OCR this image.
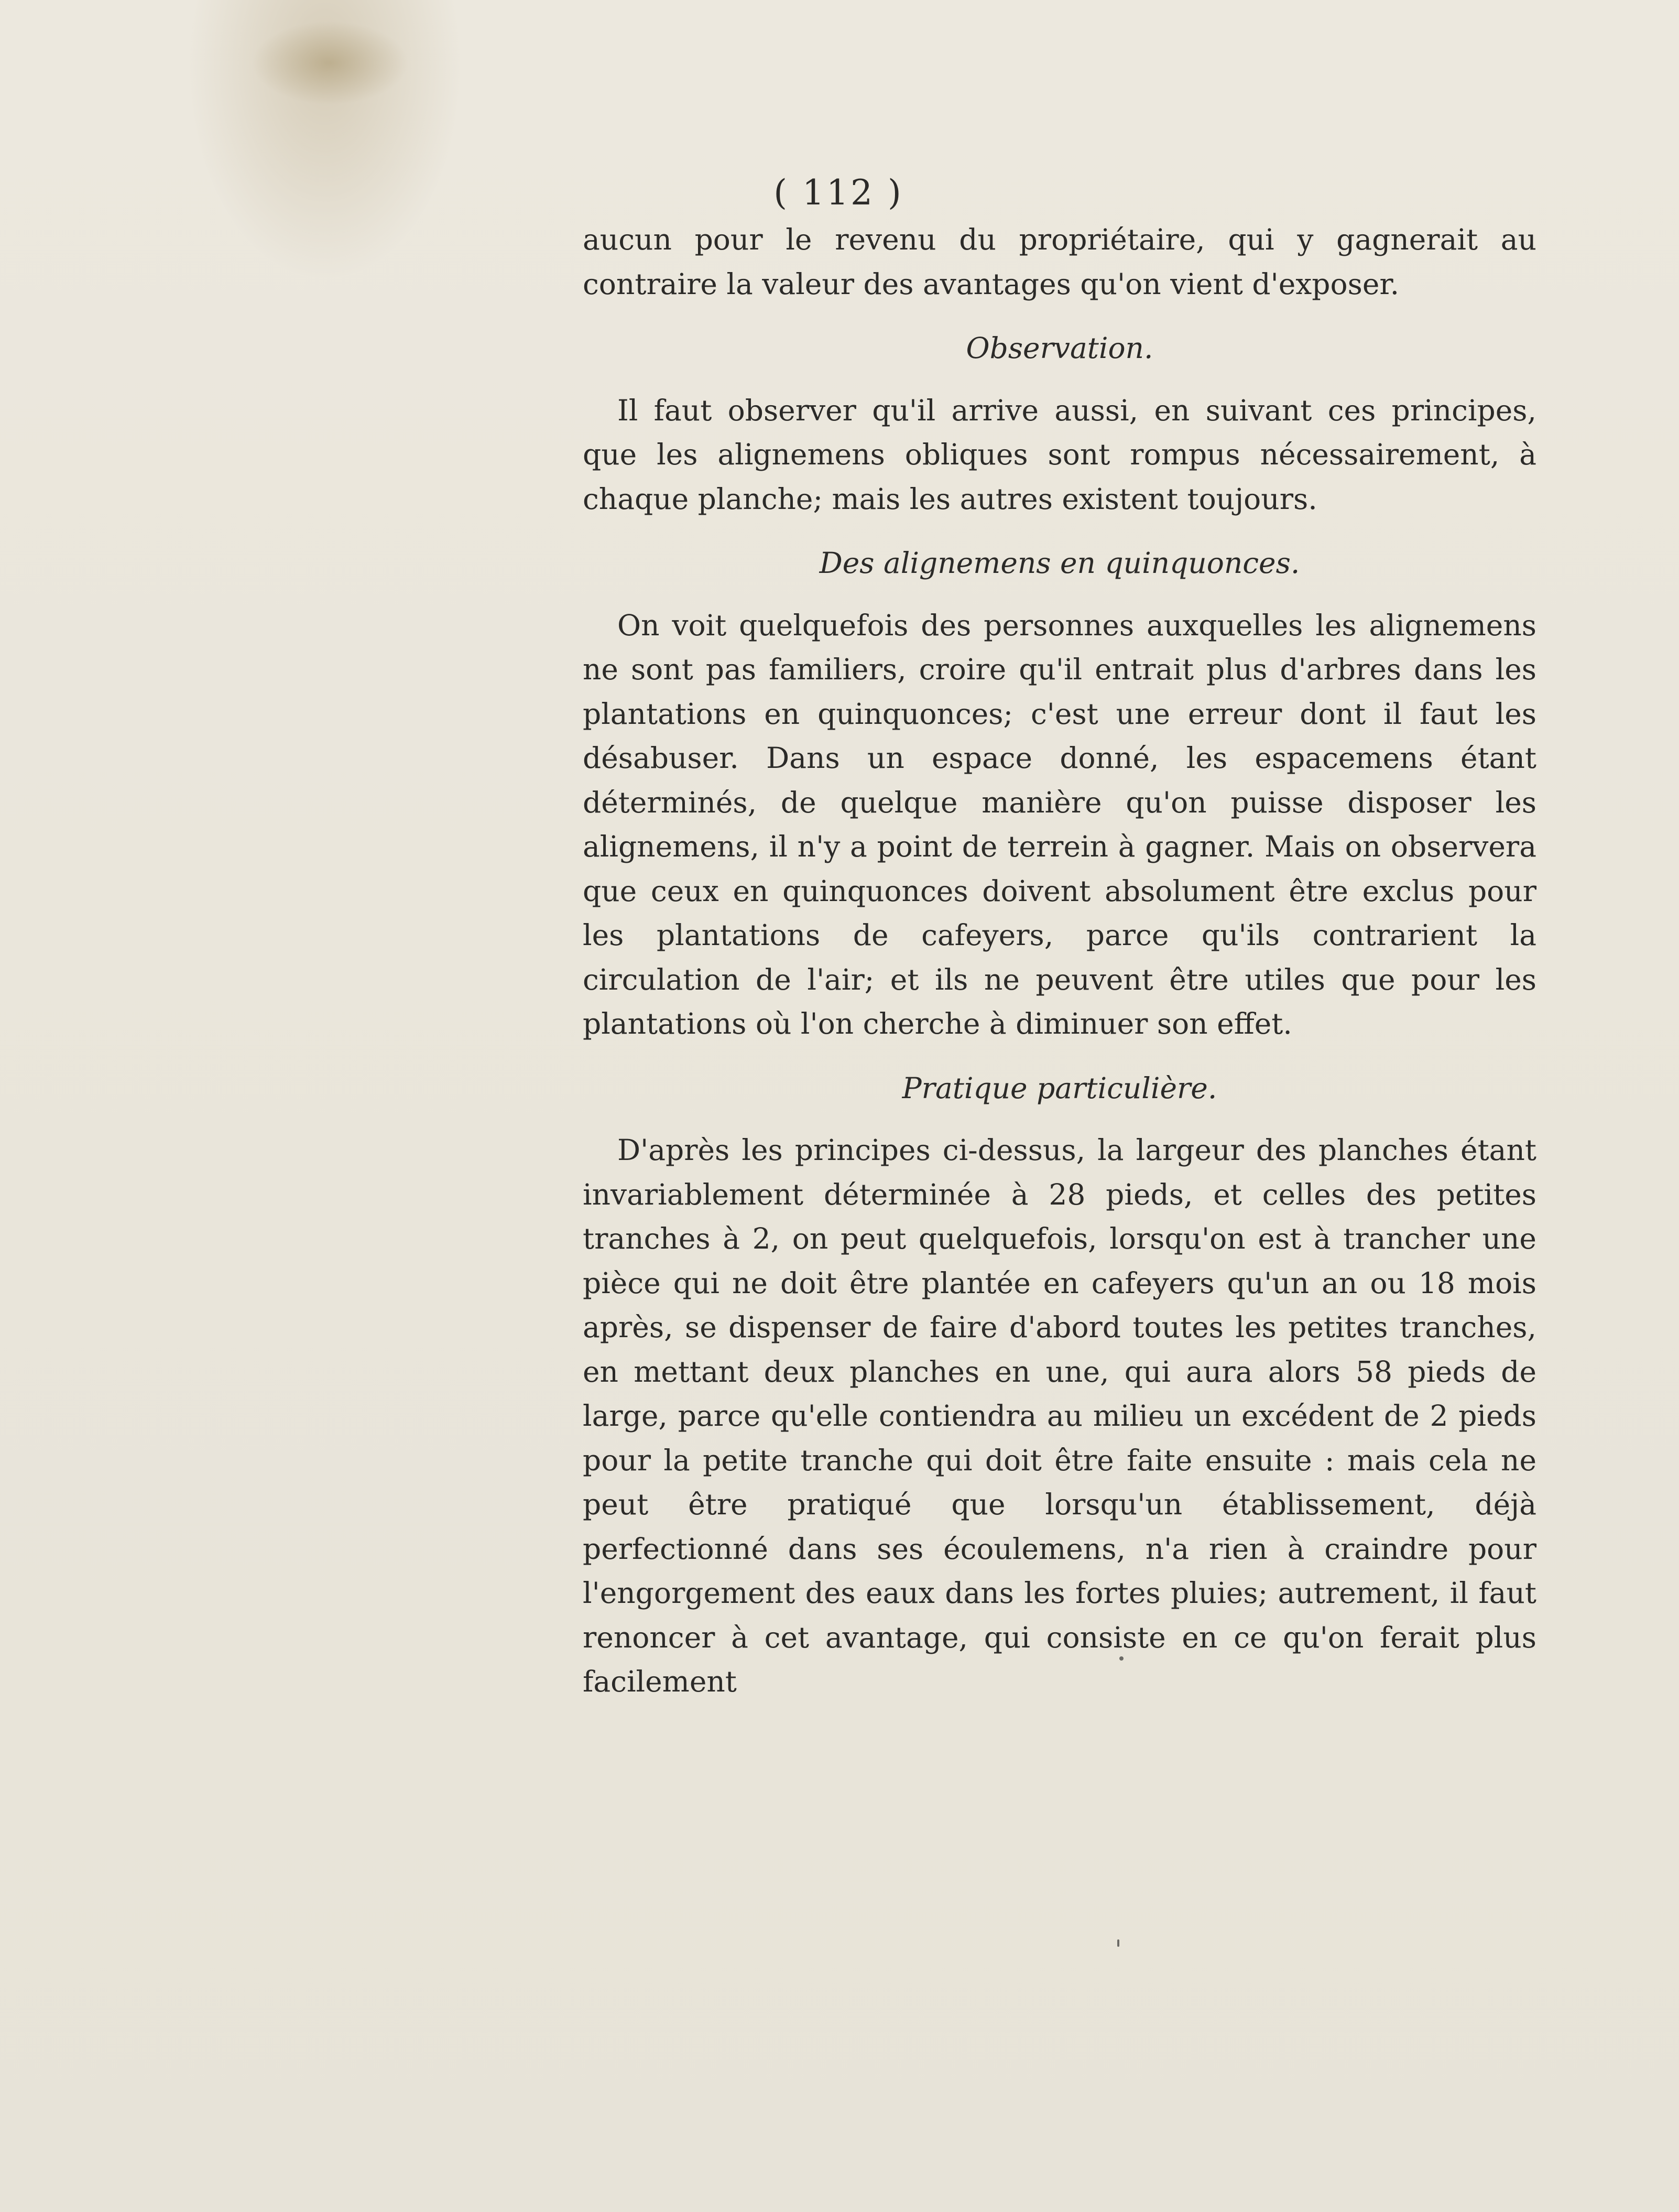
( 112 )

aucun pour le revenu du propriétaire, qui y gagnerait au contraire la valeur des avantages qu'on vient d'exposer.

Observation.

Il faut observer qu'il arrive aussi, en suivant ces principes, que les alignemens obliques sont rompus nécessairement, à chaque planche; mais les autres existent toujours.

Des alignemens en quinquonces.

On voit quelquefois des personnes auxquelles les alignemens ne sont pas familiers, croire qu'il entrait plus d'arbres dans les plantations en quinquonces; c'est une erreur dont il faut les désabuser. Dans un espace donné, les espacemens étant déterminés, de quelque manière qu'on puisse disposer les alignemens, il n'y a point de terrein à gagner. Mais on observera que ceux en quinquonces doivent absolument être exclus pour les plantations de cafeyers, parce qu'ils contrarient la circulation de l'air; et ils ne peuvent être utiles que pour les plantations où l'on cherche à diminuer son effet.

Pratique particulière.

D'après les principes ci-dessus, la largeur des planches étant invariablement déterminée à 28 pieds, et celles des petites tranches à 2, on peut quelquefois, lorsqu'on est à trancher une pièce qui ne doit être plantée en cafeyers qu'un an ou 18 mois après, se dispenser de faire d'abord toutes les petites tranches, en mettant deux planches en une, qui aura alors 58 pieds de large, parce qu'elle contiendra au milieu un excédent de 2 pieds pour la petite tranche qui doit être faite ensuite : mais cela ne peut être pratiqué que lorsqu'un établissement, déjà perfectionné dans ses écoulemens, n'a rien à craindre pour l'engorgement des eaux dans les fortes pluies; autrement, il faut renoncer à cet avantage, qui consiste en ce qu'on ferait plus facilement
